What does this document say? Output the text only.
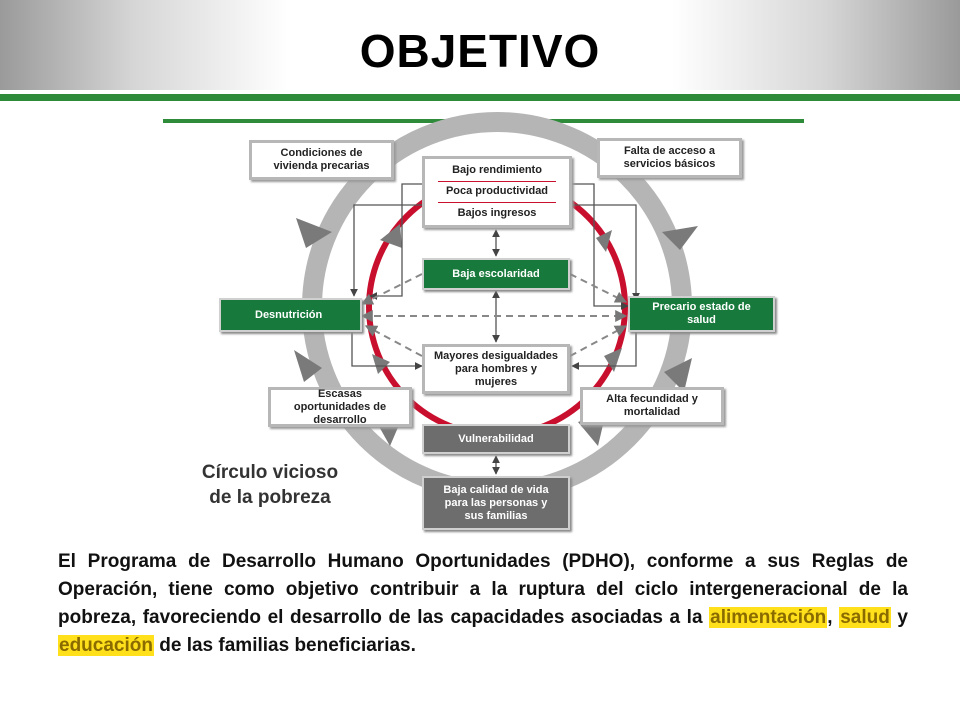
OBJETIVO
Bajo rendimiento
Poca productividad
Bajos ingresos
Baja escolaridad
Mayores desigualdades para hombres y mujeres
Vulnerabilidad
Baja calidad de vida para las personas y sus familias
Condiciones de vivienda precarias
Falta de acceso a servicios básicos
Desnutrición
Precario estado de salud
Escasas oportunidades de desarrollo
Alta fecundidad y mortalidad
Círculo vicioso
de la pobreza

El Programa de Desarrollo Humano Oportunidades (PDHO), conforme a sus Reglas de Operación, tiene como objetivo contribuir a la ruptura del ciclo intergeneracional de la pobreza, favoreciendo el desarrollo de las capacidades asociadas a la alimentación, salud y educación de las familias beneficiarias.
